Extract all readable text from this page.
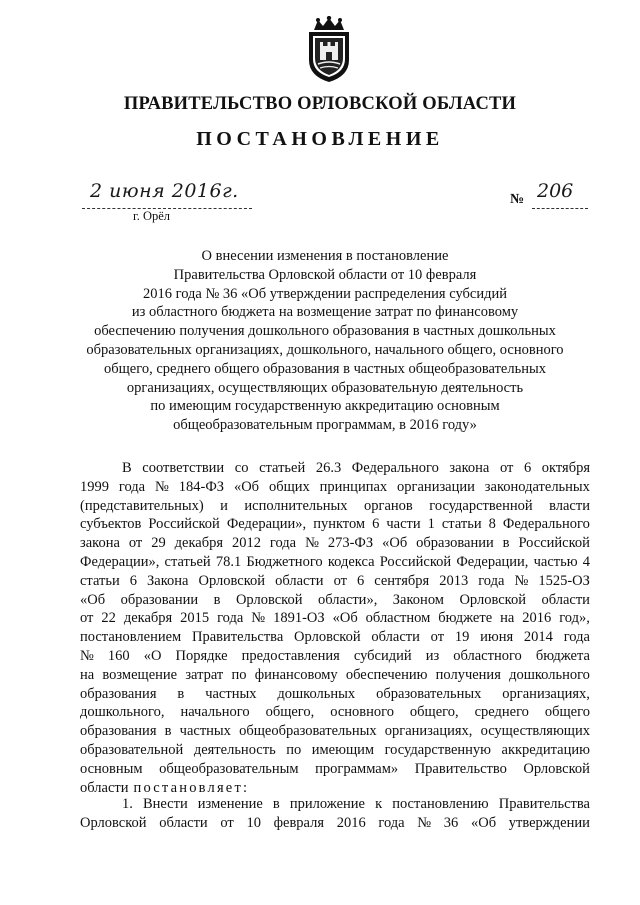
ПРАВИТЕЛЬСТВО ОРЛОВСКОЙ ОБЛАСТИ
ПОСТАНОВЛЕНИЕ
2 июня 2016г.
г. Орёл
№ 206
О внесении изменения в постановление
Правительства Орловской области от 10 февраля
2016 года № 36 «Об утверждении распределения субсидий
из областного бюджета на возмещение затрат по финансовому
обеспечению получения дошкольного образования в частных дошкольных
образовательных организациях, дошкольного, начального общего, основного
общего, среднего общего образования в частных общеобразовательных
организациях, осуществляющих образовательную деятельность
по имеющим государственную аккредитацию основным
общеобразовательным программам, в 2016 году»
В соответствии со статьей 26.3 Федерального закона от 6 октября
1999 года № 184-ФЗ «Об общих принципах организации законодательных
(представительных) и исполнительных органов государственной власти
субъектов Российской Федерации», пунктом 6 части 1 статьи 8 Федерального
закона от 29 декабря 2012 года № 273-ФЗ «Об образовании в Российской
Федерации», статьей 78.1 Бюджетного кодекса Российской Федерации, частью 4
статьи 6 Закона Орловской области от 6 сентября 2013 года № 1525-ОЗ
«Об образовании в Орловской области», Законом Орловской области
от 22 декабря 2015 года № 1891-ОЗ «Об областном бюджете на 2016 год»,
постановлением Правительства Орловской области от 19 июня 2014 года
№ 160 «О Порядке предоставления субсидий из областного бюджета
на возмещение затрат по финансовому обеспечению получения дошкольного
образования в частных дошкольных образовательных организациях,
дошкольного, начального общего, основного общего, среднего общего
образования в частных общеобразовательных организациях, осуществляющих
образовательной деятельность по имеющим государственную аккредитацию
основным общеобразовательным программам» Правительство Орловской
области постановляет:
1. Внести изменение в приложение к постановлению Правительства
Орловской области от 10 февраля 2016 года № 36 «Об утверждении
